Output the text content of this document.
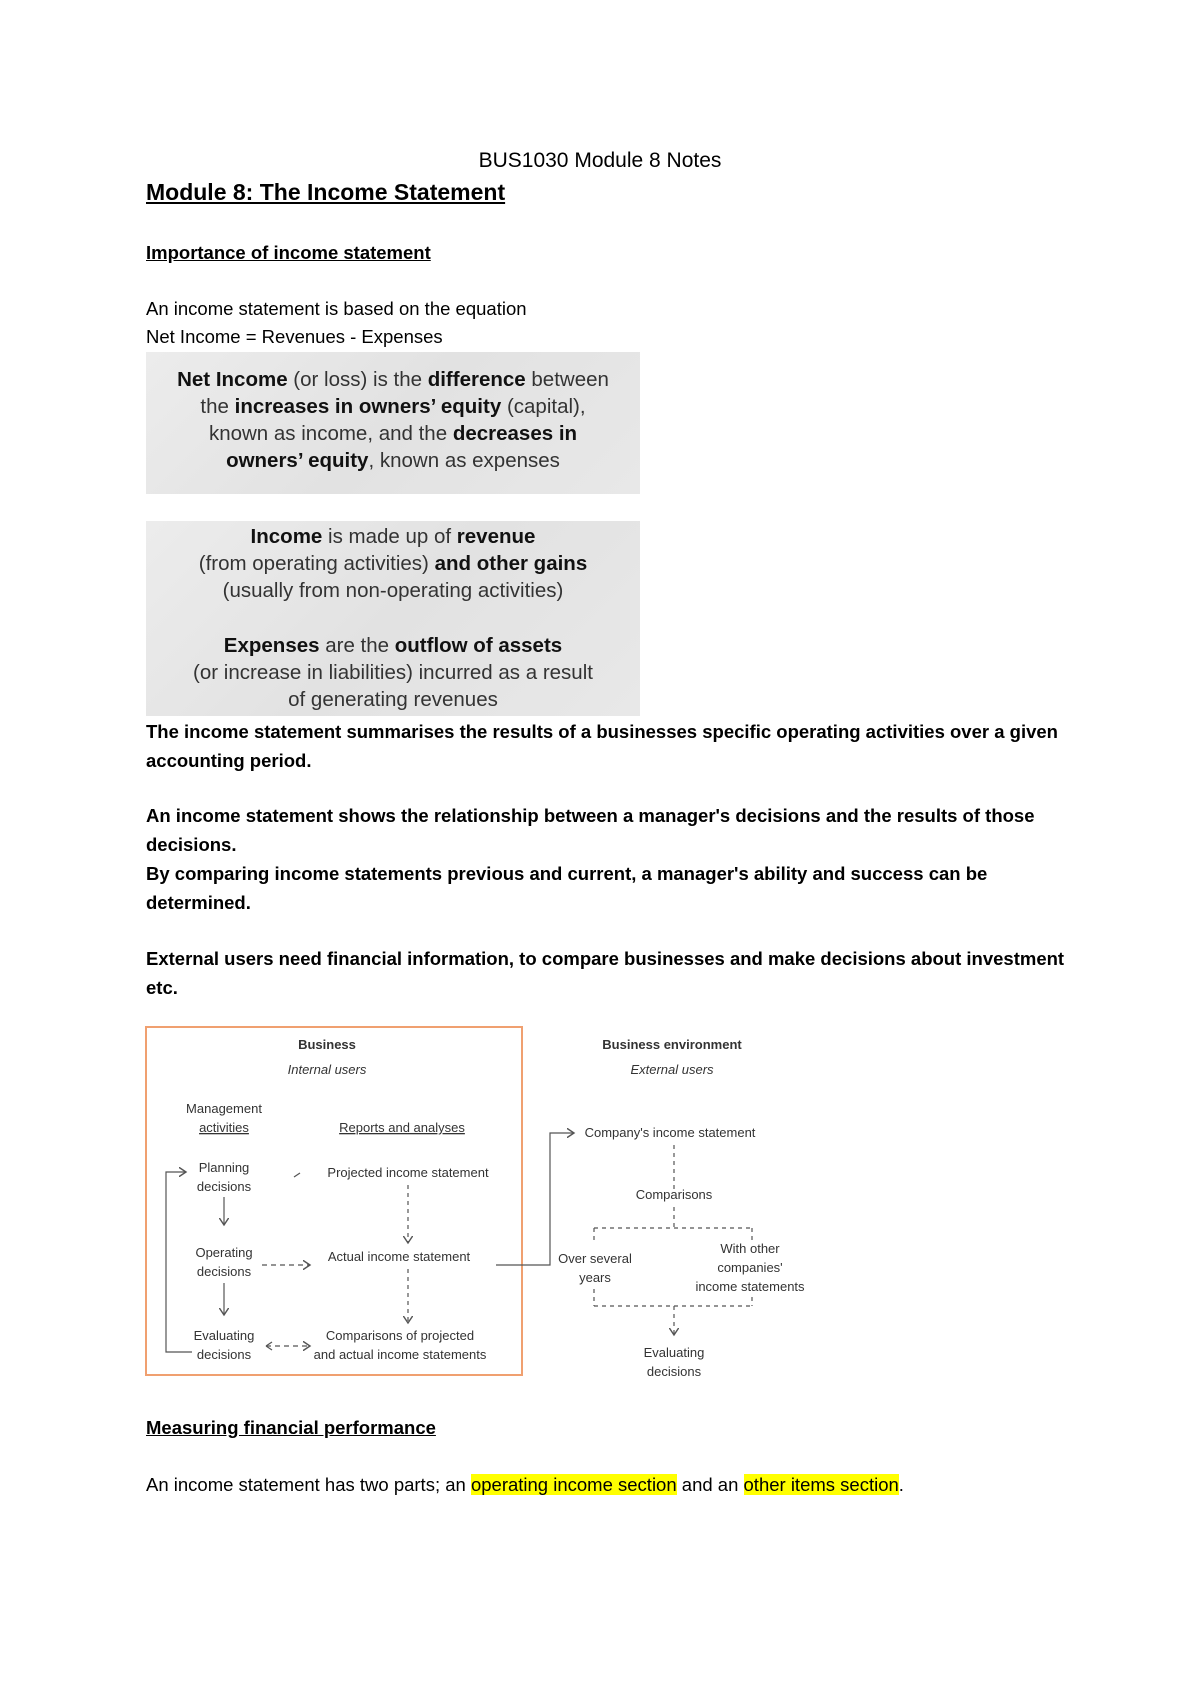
BUS1030 Module 8 Notes
Module 8: The Income Statement
Importance of income statement
An income statement is based on the equation
Net Income = Revenues - Expenses
Net Income (or loss) is the difference between
the increases in owners’ equity (capital),
known as income, and the decreases in
owners’ equity, known as expenses
Income is made up of revenue
(from operating activities) and other gains
(usually from non-operating activities)
Expenses are the outflow of assets
(or increase in liabilities) incurred as a result
of generating revenues
The income statement summarises the results of a businesses specific operating activities over a given accounting period.
An income statement shows the relationship between a manager's decisions and the results of those decisions.
By comparing income statements previous and current, a manager's ability and success can be determined.
External users need financial information, to compare businesses and make decisions about investment etc.
Business
Internal users
Management
activities	Reports and analyses
Planning
decisions
Projected income statement
Operating
decisions
Actual income statement
Evaluating
decisions
Comparisons of projected
and actual income statements
Business environment
External users
Company's income statement
Comparisons
Over several
years
With other
companies'
income statements
Evaluating
decisions
Measuring financial performance
An income statement has two parts; an operating income section and an other items section.
